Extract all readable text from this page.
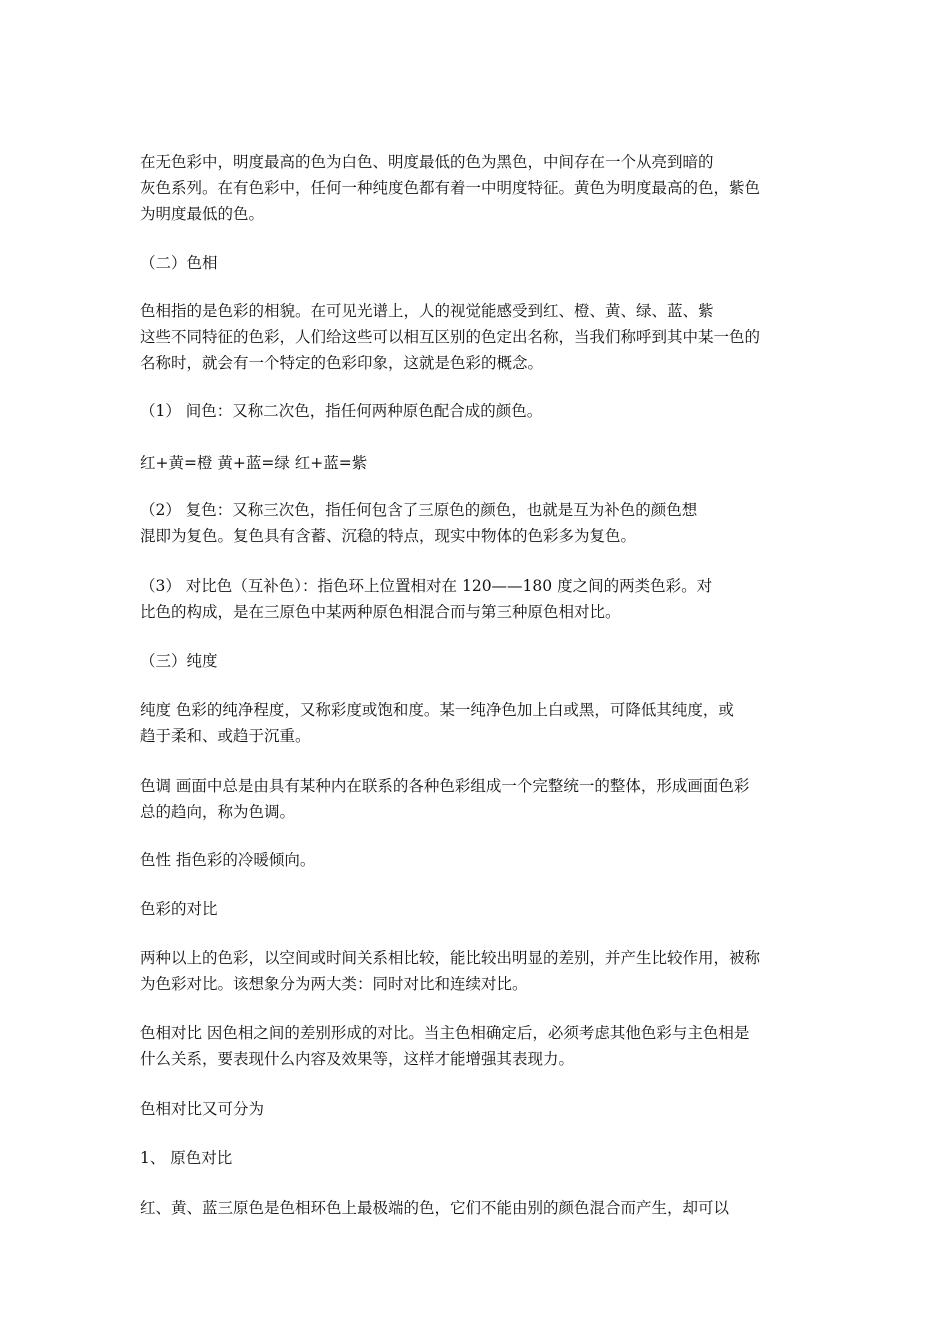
在无色彩中，明度最高的色为白色、明度最低的色为黑色，中间存在一个从亮到暗的
灰色系列。在有色彩中，任何一种纯度色都有着一中明度特征。黄色为明度最高的色，紫色
为明度最低的色。

（二）色相

色相指的是色彩的相貌。在可见光谱上，人的视觉能感受到红、橙、黄、绿、蓝、紫
这些不同特征的色彩，人们给这些可以相互区别的色定出名称，当我们称呼到其中某一色的
名称时，就会有一个特定的色彩印象，这就是色彩的概念。

（1） 间色：又称二次色，指任何两种原色配合成的颜色。

红+黄=橙 黄+蓝=绿 红+蓝=紫

（2） 复色：又称三次色，指任何包含了三原色的颜色，也就是互为补色的颜色想
混即为复色。复色具有含蓄、沉稳的特点，现实中物体的色彩多为复色。

（3） 对比色（互补色）：指色环上位置相对在 120——180 度之间的两类色彩。对
比色的构成，是在三原色中某两种原色相混合而与第三种原色相对比。

（三）纯度

纯度 色彩的纯净程度，又称彩度或饱和度。某一纯净色加上白或黑，可降低其纯度，或
趋于柔和、或趋于沉重。

色调 画面中总是由具有某种内在联系的各种色彩组成一个完整统一的整体，形成画面色彩
总的趋向，称为色调。

色性 指色彩的冷暖倾向。

色彩的对比

两种以上的色彩，以空间或时间关系相比较，能比较出明显的差别，并产生比较作用，被称
为色彩对比。该想象分为两大类：同时对比和连续对比。

色相对比 因色相之间的差别形成的对比。当主色相确定后，必须考虑其他色彩与主色相是
什么关系，要表现什么内容及效果等，这样才能增强其表现力。

色相对比又可分为

1、 原色对比

红、黄、蓝三原色是色相环色上最极端的色，它们不能由别的颜色混合而产生，却可以
